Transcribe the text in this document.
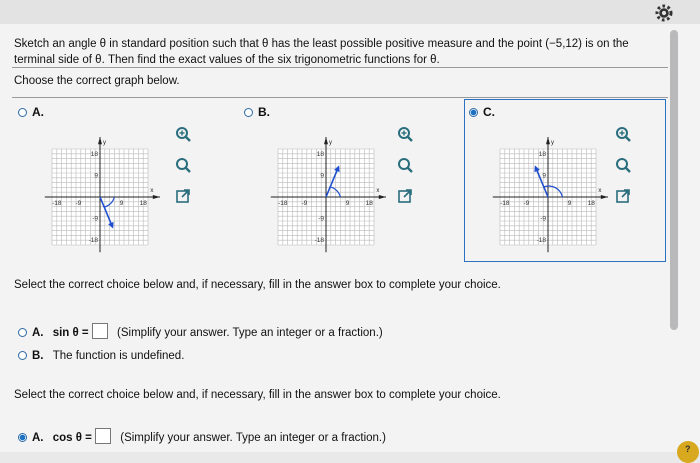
Sketch an angle θ in standard position such that θ has the least possible positive measure and the point (−5,12) is on the terminal side of θ. Then find the exact values of the six trigonometric functions for θ.
Choose the correct graph below.
A.	B.	C.
x
y
-18 -9	9 18
18
9
-9
-18
x
y
-18 -9	9 18
18
9
-9
-18
x
y
-18 -9	9 18
18
9
-9
-18
Select the correct choice below and, if necessary, fill in the answer box to complete your choice.
A. sin θ = (Simplify your answer. Type an integer or a fraction.)
B. The function is undefined.
Select the correct choice below and, if necessary, fill in the answer box to complete your choice.
A. cos θ = (Simplify your answer. Type an integer or a fraction.)
?
